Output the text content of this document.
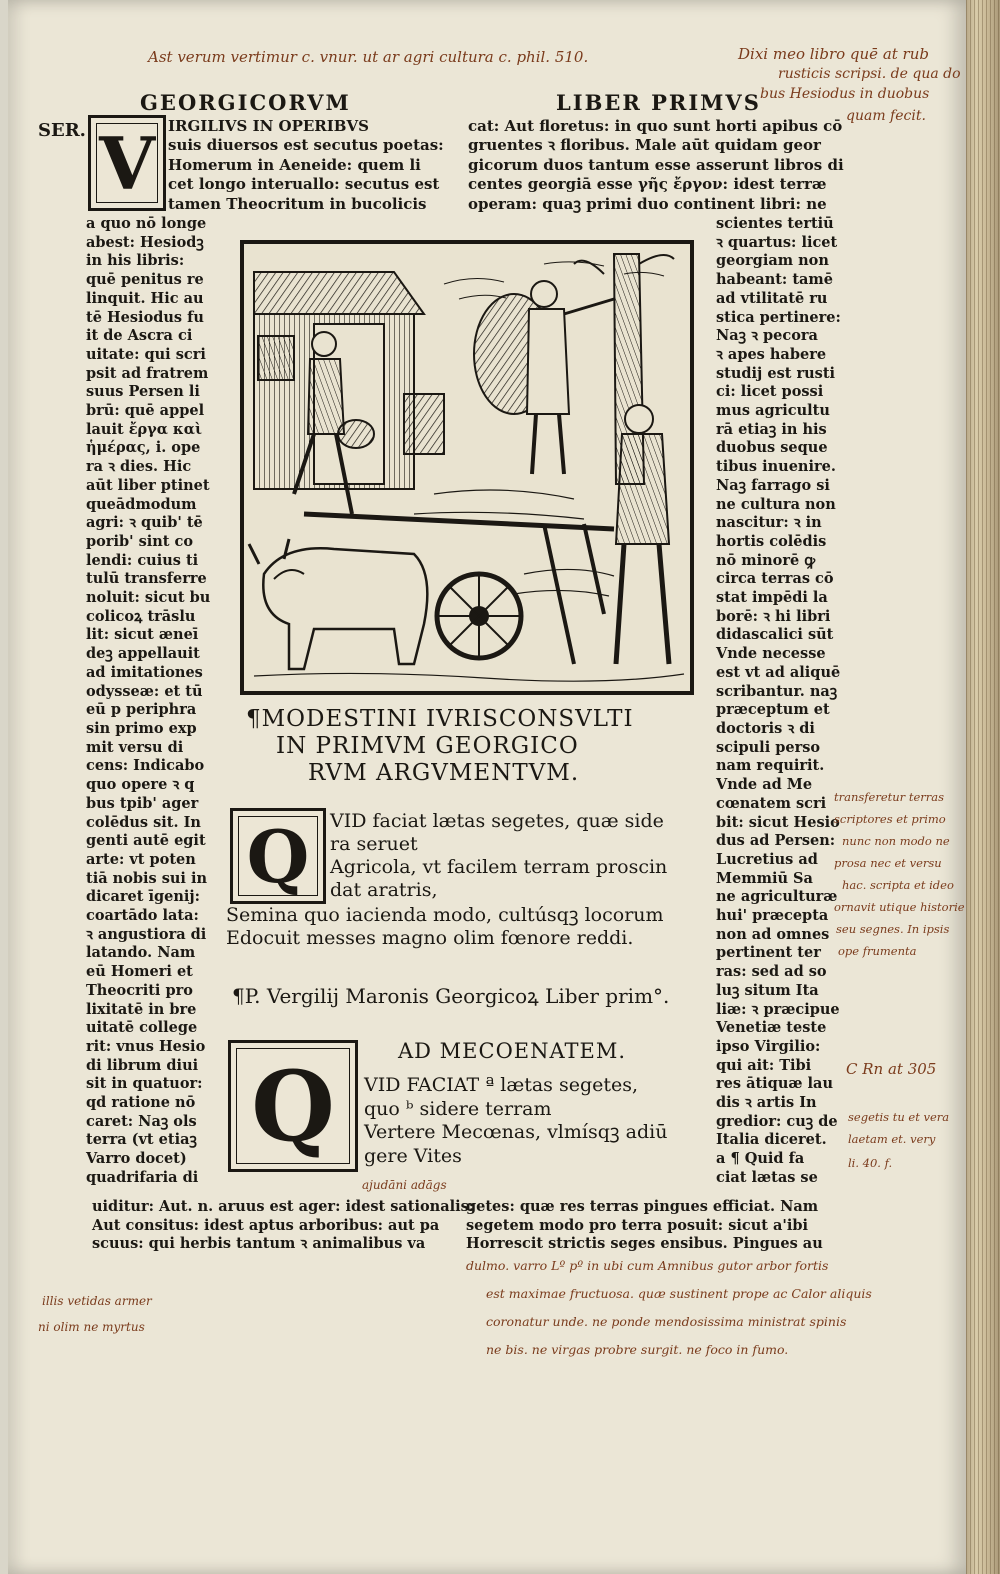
Ast verum vertimur c. vnur. ut ar agri cultura c. phil. 510.	Dixi meo libro quē at rub
rusticis scripsi. de qua do
bus Hesiodus in duobus
quam fecit.
GEORGICORVM	LIBER PRIMVS
SER. V IRGILIVS IN OPERIBVS
suis diuersos est secutus poetas:
Homerum in Aeneide: quem li
cet longo interuallo: secutus est
tamen Theocritum in bucolicis
cat: Aut floretus: in quo sunt horti apibus cō
gruentes ꝛ floribus. Male aūt quidam geor
gicorum duos tantum esse asserunt libros di
centes georgiā esse γῆς ἔργον: idest terræ
operam: quaꝫ primi duo continent libri: ne
a quo nō longe
abest: Hesiodꝫ
in his libris:
quē penitus re
linquit. Hic au
tē Hesiodus fu
it de Ascra ci
uitate: qui scri
psit ad fratrem
suus Persen li
brū: quē appel
lauit ἔργα καὶ
ἡμέρας, i. ope
ra ꝛ dies. Hic
aūt liber ptinet
queādmodum
agri: ꝛ quib' tē
porib' sint co
lendi: cuius ti
tulū transferre
noluit: sicut bu
colicoꝝ trāslu
lit: sicut æneī
deꝫ appellauit
ad imitationes
odysseæ: et tū
eū p periphra
sin primo exp
mit versu di
cens: Indicabo
quo opere ꝛ q
bus tpib' ager
colēdus sit. In
genti autē egit
arte: vt poten
tiā nobis sui in
dicaret īgenij:
coartādo lata:
ꝛ angustiora di
latando. Nam
eū Homeri et
Theocriti pro
lixitatē in bre
uitatē college
rit: vnus Hesio
di librum diui
sit in quatuor:
qd ratione nō
caret: Naꝫ ols
terra (vt etiaꝫ
Varro docet)
quadrifaria di
¶MODESTINI IVRISCONSVLTI
IN PRIMVM GEORGICO
RVM ARGVMENTVM.
Q VID faciat lætas segetes, quæ side
ra seruet
Agricola, vt facilem terram proscin
dat aratris,
Semina quo iacienda modo, cultúsqꝫ locorum
Edocuit messes magno olim fœnore reddi.
¶P. Vergilij Maronis Georgicoꝝ Liber prim°.
Q	AD MECOENATEM.
VID FACIAT ª lætas segetes,
quo ᵇ sidere terram
Vertere Mecœnas, vlmísqꝫ adiū
gere Vites
ajudāni adāgs
scientes tertiū
ꝛ quartus: licet
georgiam non
habeant: tamē
ad vtilitatē ru
stica pertinere:
Naꝫ ꝛ pecora
ꝛ apes habere
studij est rusti
ci: licet possi
mus agricultu
rā etiaꝫ in his
duobus seque
tibus inuenire.
Naꝫ farrago si
ne cultura non
nascitur: ꝛ in
hortis colēdis
nō minorē ꝙ
circa terras cō
stat impēdi la
borē: ꝛ hi libri
didascalici sūt
Vnde necesse
est vt ad aliquē
scribantur. naꝫ
præceptum et
doctoris ꝛ di
scipuli perso
nam requirit.
Vnde ad Me
cœnatem scri
bit: sicut Hesio
dus ad Persen:
Lucretius ad
Memmiū Sa
ne agriculturæ
hui' præcepta
non ad omnes
pertinent ter
ras: sed ad so
luꝫ situm Ita
liæ: ꝛ præcipue
Venetiæ teste
ipso Virgilio:
qui ait: Tibi
res ātiquæ lau
dis ꝛ artis In
gredior: cuꝫ de
Italia diceret.
a ¶ Quid fa
ciat lætas se
transferetur terras
scriptores et primo
nunc non modo ne
prosa nec et versu
hac. scripta et ideo
ornavit utique historie
seu segnes. In ipsis
ope frumenta
C Rn at 305
segetis tu et vera
laetam et. very
li. 40. f.
uiditur: Aut. n. aruus est ager: idest sationalis:
Aut consitus: idest aptus arboribus: aut pa
scuus: qui herbis tantum ꝛ animalibus va
getes: quæ res terras pingues efficiat. Nam
segetem modo pro terra posuit: sicut a'ibi
Horrescit strictis seges ensibus. Pingues au
illis vetidas armer
ni olim ne myrtus
dulmo. varro Lº pº in ubi cum Amnibus gutor arbor fortis
est maximae fructuosa. quæ sustinent prope ac Calor aliquis
coronatur unde. ne ponde mendosissima ministrat spinis
ne bis. ne virgas probre surgit. ne foco in fumo.
